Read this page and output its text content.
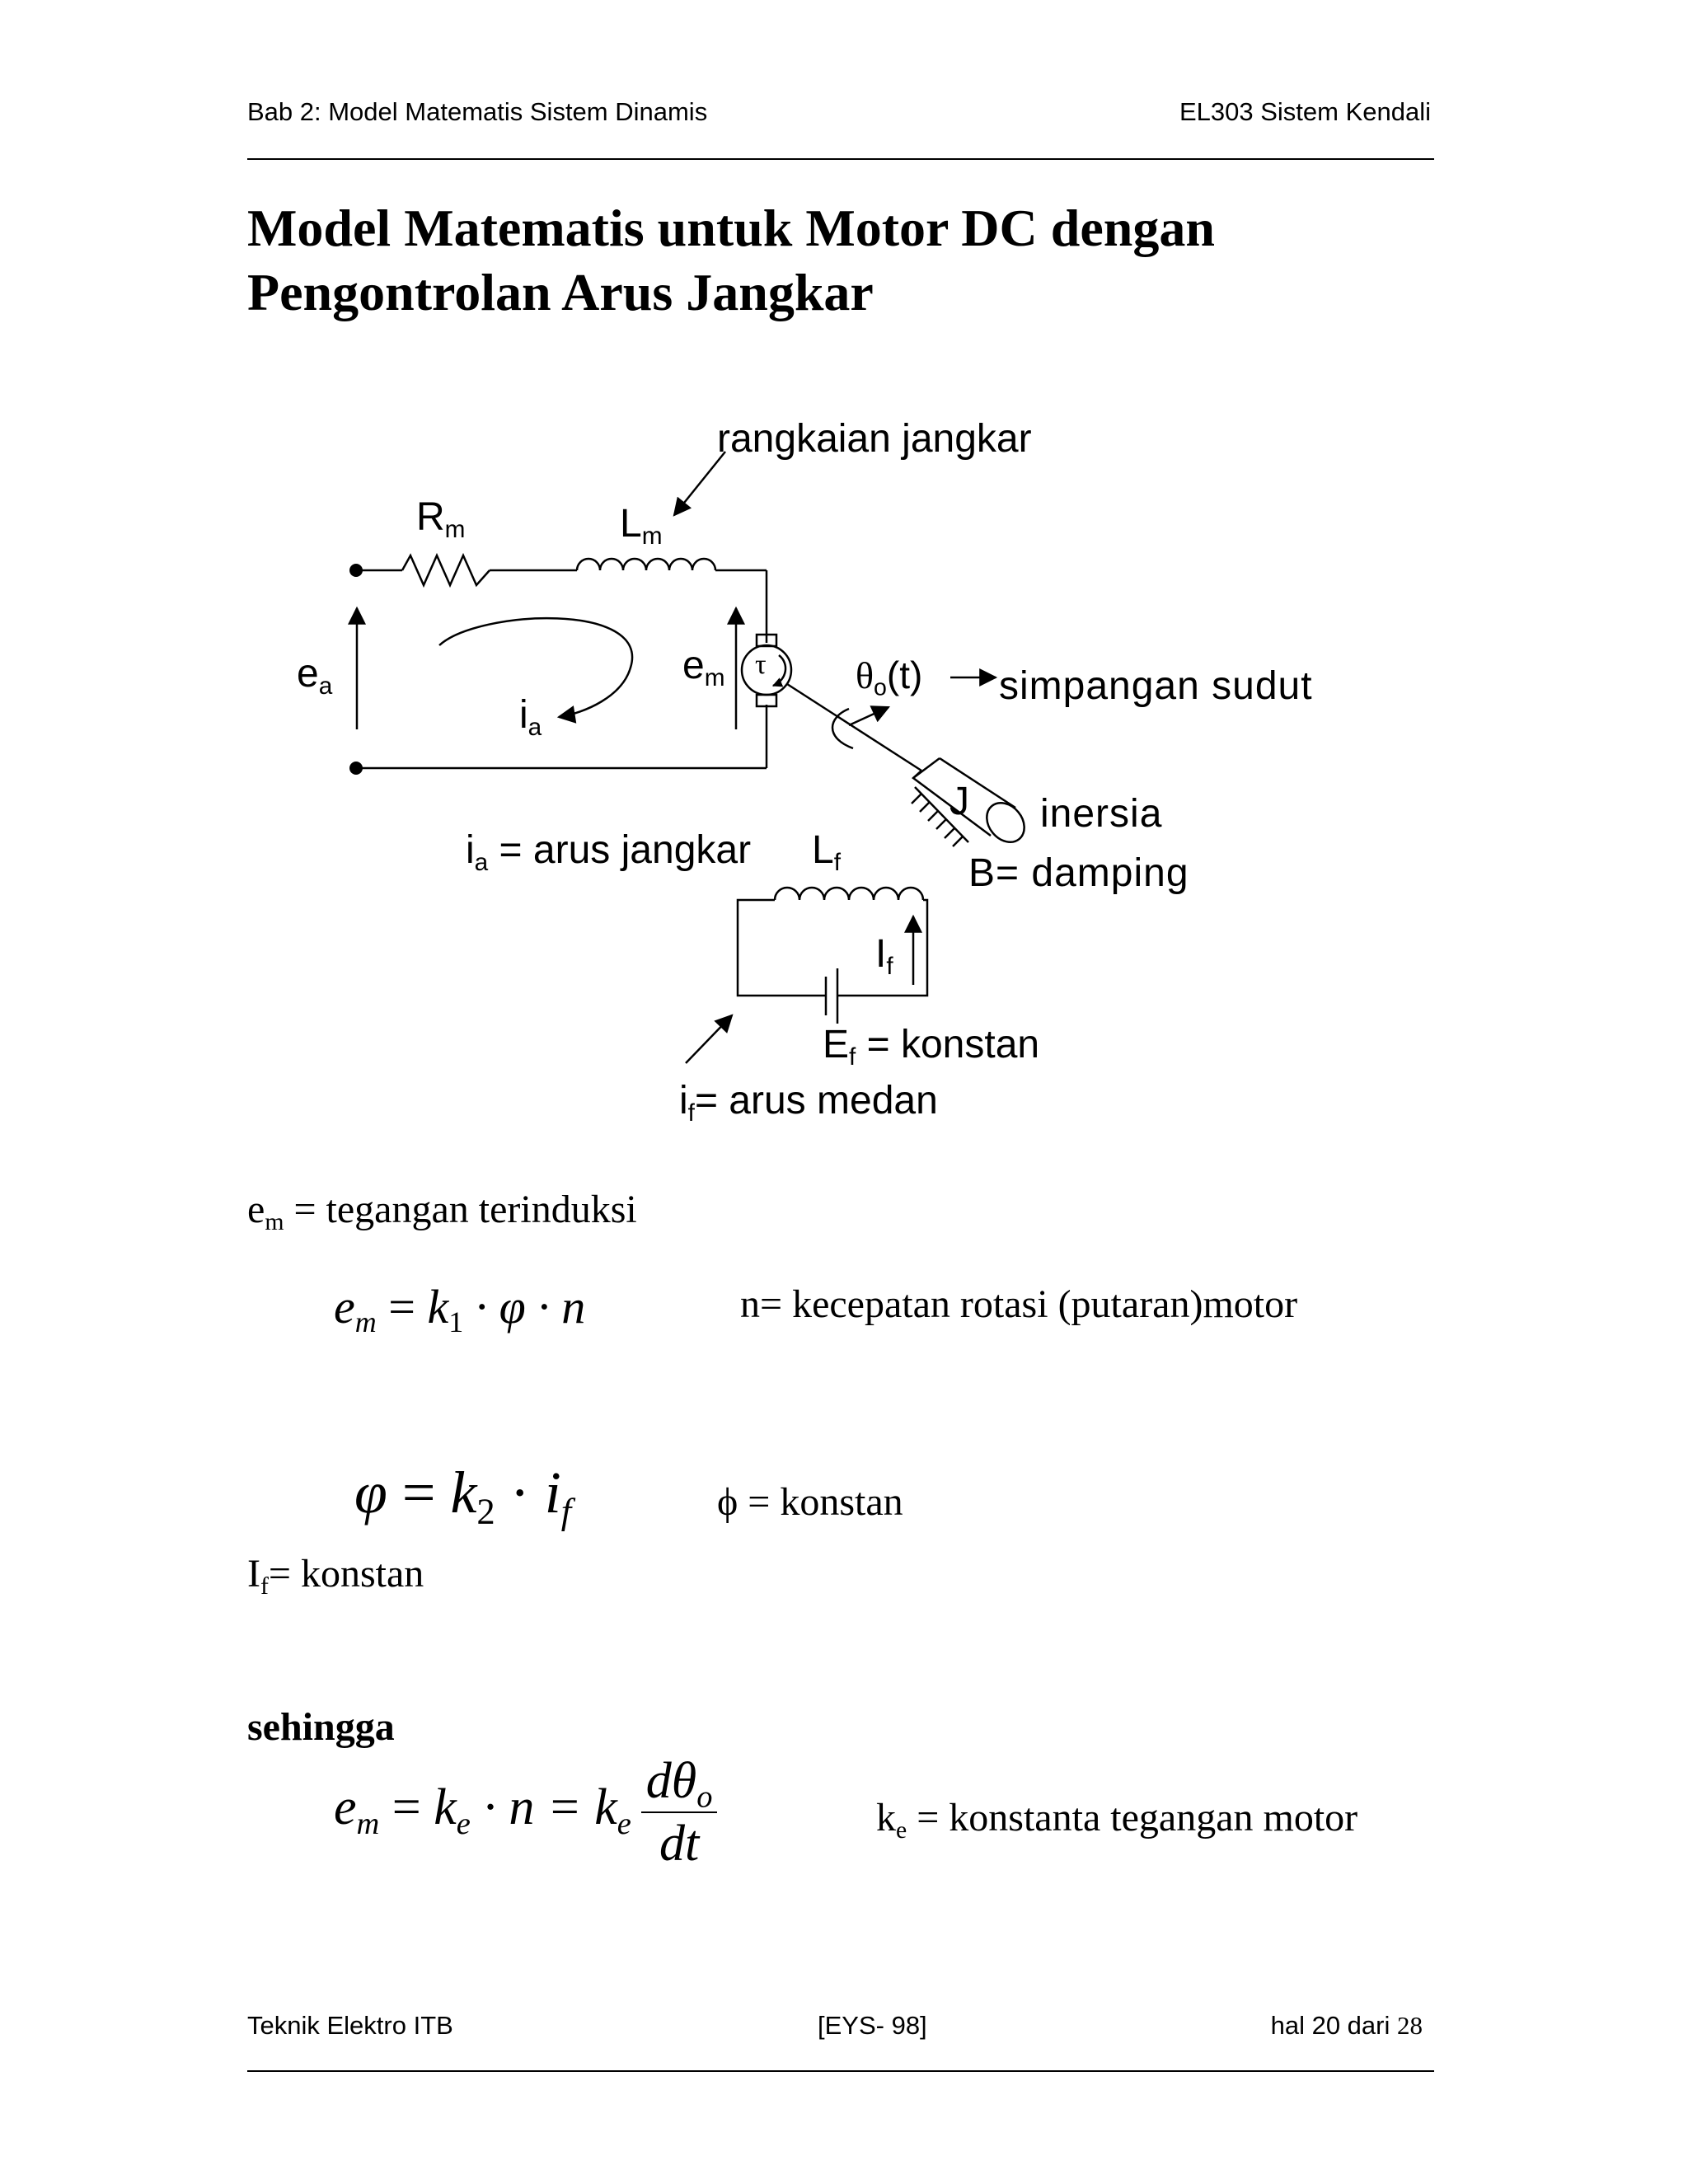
Bab 2: Model Matematis Sistem Dinamis	EL303 Sistem Kendali
Model Matematis untuk Motor DC dengan
Pengontrolan Arus Jangkar
rangkaian jangkar
$R_m$	$L_m$
$e_a$
$i_a$
$e_m$ τ $\theta_o(t)$ simpangan sudut
J inersia
$i_a$ = arus jangkar $L_f$	B= damping
$I_f$
$E_f$ = konstan
$i_f=$ arus medan
$e_m$ = tegangan terinduksi
$e_m = k_1 \cdot \varphi \cdot n$	n= kecepatan rotasi (putaran)motor
$\varphi = k_2 \cdot i_f$	ϕ = konstan
$I_f=$ konstan
sehingga
$e_m = k_e \cdot n = k_e \frac{d\theta_o}{dt}$	$k_e$ = konstanta tegangan motor
Teknik Elektro ITB	[EYS- 98]	hal 20 dari 28
